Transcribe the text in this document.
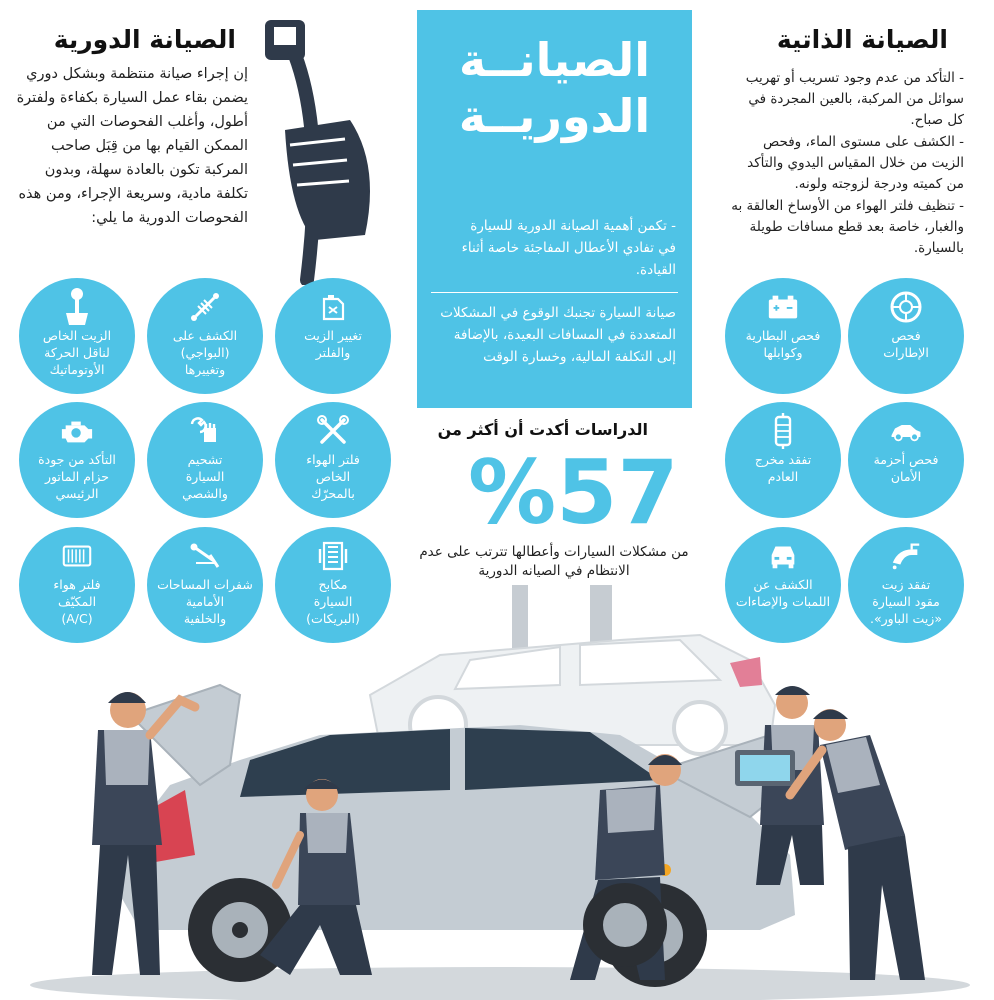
الصيانة الدورية
إن إجراء صيانة منتظمة وبشكل دوري يضمن بقاء عمل السيارة بكفاءة ولفترة أطول، وأغلب الفحوصات التي من الممكن القيام بها من قِبَل صاحب المركبة تكون بالعادة سهلة، وبدون تكلفة مادية، وسريعة الإجراء، ومن هذه الفحوصات الدورية ما يلي:
الصيانــة
الدوريــة
- تكمن أهمية الصيانة الدورية للسيارة في تفادي الأعطال المفاجئة خاصة أثناء القيادة.
صيانة السيارة تجنبك الوقوع في المشكلات المتعددة في المسافات البعيدة، بالإضافة إلى التكلفة المالية، وخسارة الوقت
الصيانة الذاتية
- التأكد من عدم وجود تسريب أو تهريب سوائل من المركبة، بالعين المجردة في كل صباح.
- الكشف على مستوى الماء، وفحص الزيت من خلال المقياس اليدوي والتأكد من كميته ودرجة لزوجته ولونه.
- تنظيف فلتر الهواء من الأوساخ العالقة به والغبار، خاصة بعد قطع مسافات طويلة بالسيارة.
تغيير الزيت
والفلتر
الكشف على
(البواجي)
وتغييرها
الزيت الخاص
لناقل الحركة
الأوتوماتيك
فلتر الهواء
الخاص
بالمحرّك
تشحيم
السيارة
والشصي
التأكد من جودة
حزام الماتور
الرئيسي
مكابح
السيارة
(البريكات)
شفرات المساحات
الأمامية
والخلفية
فلتر هواء
المكيّف
(A/C)
فحص
الإطارات
فحص البطارية
وكوابلها
فحص أحزمة
الأمان
تفقد مخرج
العادم
تفقد زيت
مقود السيارة
«زيت الباور».
الكشف عن
اللمبات والإضاءات
الدراسات أكدت أن أكثر من
%57
من مشكلات السيارات وأعطالها تترتب على عدم الانتظام في الصيانه الدورية
